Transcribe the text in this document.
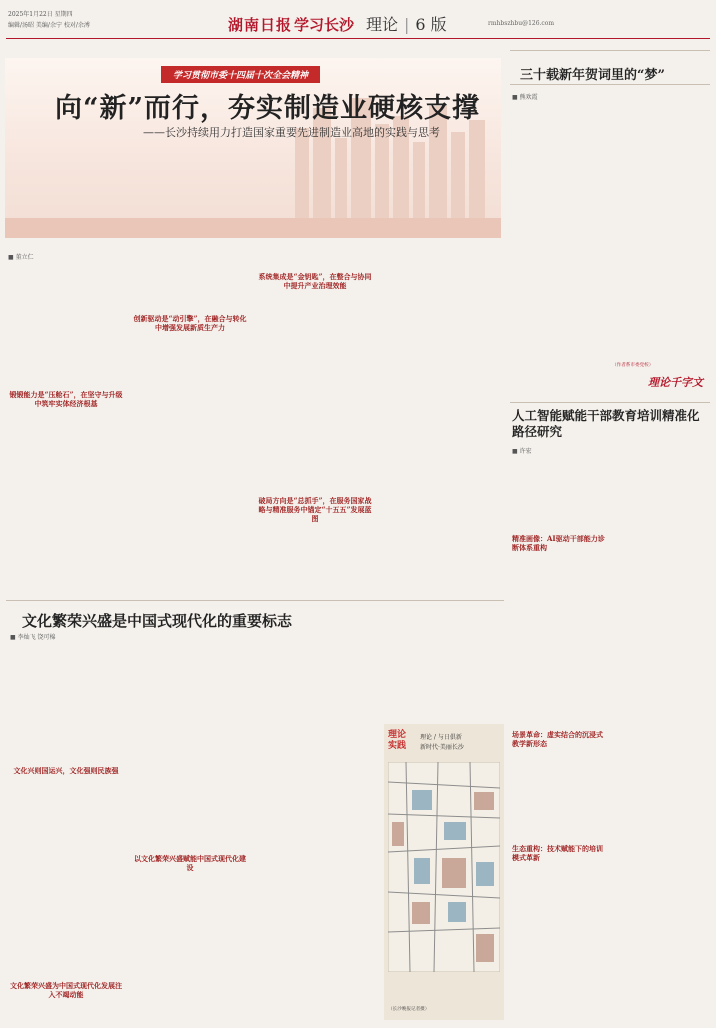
2025年1月22日 星期四
编辑/汤昭 美编/余宁 校对/余溥	湖南日报 学习长沙 理论 | 6 版	rmhbszhbu@126.com
学习贯彻市委十四届十次全会精神
向“新”而行，夯实制造业硬核支撑
——长沙持续用力打造国家重要先进制造业高地的实践与思考
■ 董立仁
锻锻能力是“压舱石”，在坚守与升级中筑牢实体经济根基
创新驱动是“动引擎”，在融合与转化中增强发展新质生产力
系统集成是“金钥匙”，在整合与协同中提升产业治理效能
破局方向是“总抓手”，在服务国家战略与精准服务中锚定“十五五”发展蓝图
三十载新年贺词里的“梦”
■ 熊欢霞
理论千字文
（作者系市委党校）
人工智能赋能干部教育培训精准化路径研究
■ 许宏
精准画像：AI驱动干部能力诊断体系重构
场景革命：虚实结合的沉浸式教学新形态
生态重构：技术赋能下的培训模式革新
文化繁荣兴盛是中国式现代化的重要标志
■ 李灿飞 饶可棉
文化兴则国运兴，文化强则民族强
文化繁荣兴盛为中国式现代化发展注入不竭动能
以文化繁荣兴盛赋能中国式现代化建设
理论实践
理论 / 与日俱新
新时代·美丽长沙
（长沙晚报记者摄）
